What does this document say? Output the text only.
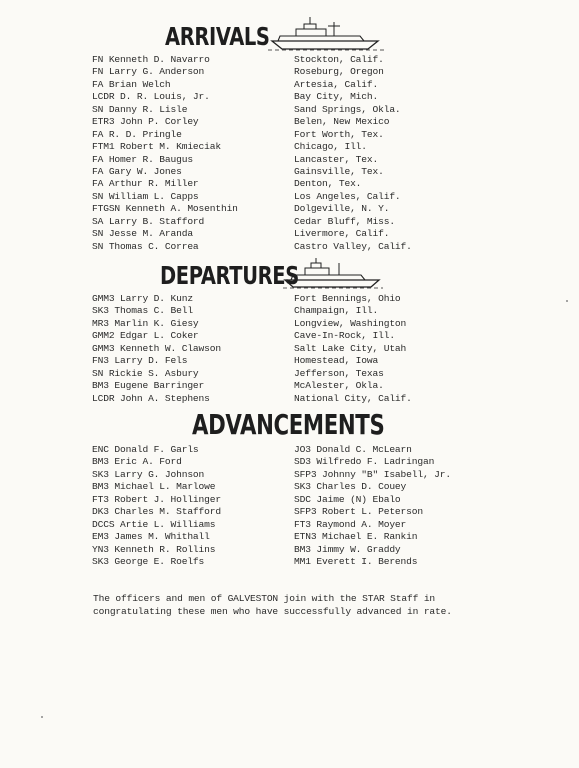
ARRIVALS
FN Kenneth D. Navarro
FN Larry G. Anderson
FA Brian Welch
LCDR D. R. Louis, Jr.
SN Danny R. Lisle
ETR3 John P. Corley
FA R. D. Pringle
FTM1 Robert M. Kmieciak
FA Homer R. Baugus
FA Gary W. Jones
FA Arthur R. Miller
SN William L. Capps
FTGSN Kenneth A. Mosenthin
SA Larry B. Stafford
SN Jesse M. Aranda
SN Thomas C. Correa
Stockton, Calif.
Roseburg, Oregon
Artesia, Calif.
Bay City, Mich.
Sand Springs, Okla.
Belen, New Mexico
Fort Worth, Tex.
Chicago, Ill.
Lancaster, Tex.
Gainsville, Tex.
Denton, Tex.
Los Angeles, Calif.
Dolgeville, N. Y.
Cedar Bluff, Miss.
Livermore, Calif.
Castro Valley, Calif.
DEPARTURES
GMM3 Larry D. Kunz
SK3 Thomas C. Bell
MR3 Marlin K. Giesy
GMM2 Edgar L. Coker
GMM3 Kenneth W. Clawson
FN3 Larry D. Fels
SN Rickie S. Asbury
BM3 Eugene Barringer
LCDR John A. Stephens
Fort Bennings, Ohio
Champaign, Ill.
Longview, Washington
Cave-In-Rock, Ill.
Salt Lake City, Utah
Homestead, Iowa
Jefferson, Texas
McAlester, Okla.
National City, Calif.
ADVANCEMENTS
ENC Donald F. Garls
BM3 Eric A. Ford
SK3 Larry G. Johnson
BM3 Michael L. Marlowe
FT3 Robert J. Hollinger
DK3 Charles M. Stafford
DCCS Artie L. Williams
EM3 James M. Whithall
YN3 Kenneth R. Rollins
SK3 George E. Roelfs
JO3 Donald C. McLearn
SD3 Wilfredo F. Ladringan
SFP3 Johnny "B" Isabell, Jr.
SK3 Charles D. Couey
SDC Jaime (N) Ebalo
SFP3 Robert L. Peterson
FT3 Raymond A. Moyer
ETN3 Michael E. Rankin
BM3 Jimmy W. Graddy
MM1 Everett I. Berends
The officers and men of GALVESTON join with the STAR Staff in
congratulating these men who have successfully advanced in rate.
